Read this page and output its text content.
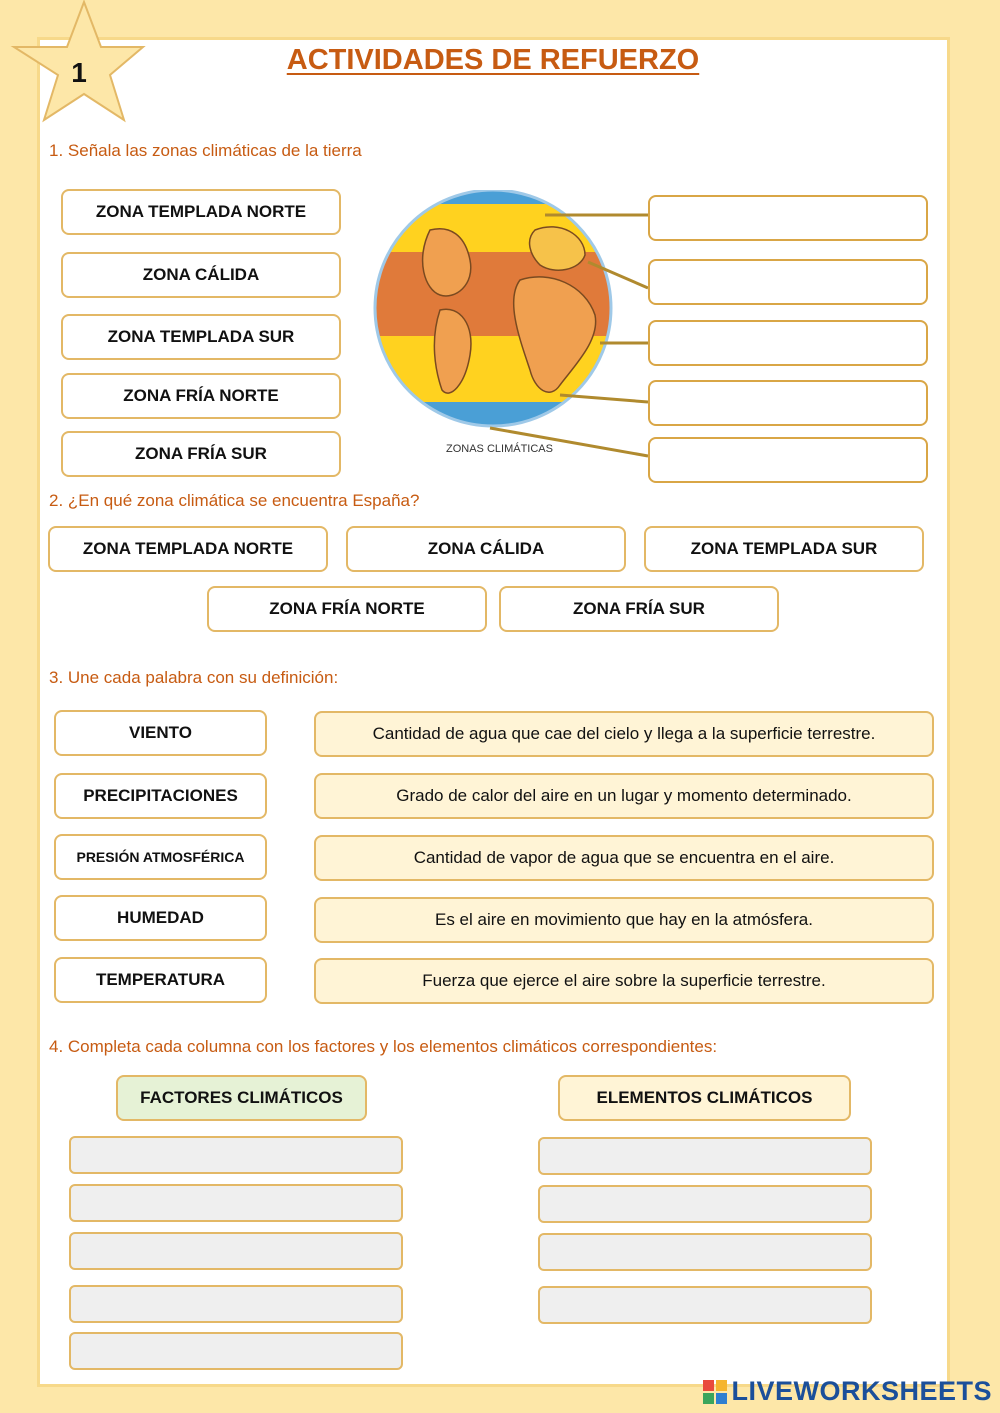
1	ACTIVIDADES DE REFUERZO
1. Señala las zonas climáticas de la tierra
ZONA TEMPLADA NORTE
ZONA CÁLIDA
ZONA TEMPLADA SUR
ZONA FRÍA NORTE
ZONA FRÍA SUR	ZONAS CLIMÁTICAS
2. ¿En qué zona climática se encuentra España?
ZONA TEMPLADA NORTE	ZONA CÁLIDA	ZONA TEMPLADA SUR
ZONA FRÍA NORTE	ZONA FRÍA SUR
3. Une cada palabra con su definición:
VIENTO
PRECIPITACIONES
PRESIÓN ATMOSFÉRICA
HUMEDAD
TEMPERATURA
Cantidad de agua que cae del cielo y llega a la superficie terrestre.
Grado de calor del aire en un lugar y momento determinado.
Cantidad de vapor de agua que se encuentra en el aire.
Es el aire en movimiento que hay en la atmósfera.
Fuerza que ejerce el aire sobre la superficie terrestre.
4. Completa cada columna con los factores y los elementos climáticos correspondientes:
FACTORES CLIMÁTICOS	ELEMENTOS CLIMÁTICOS
LIVEWORKSHEETS
